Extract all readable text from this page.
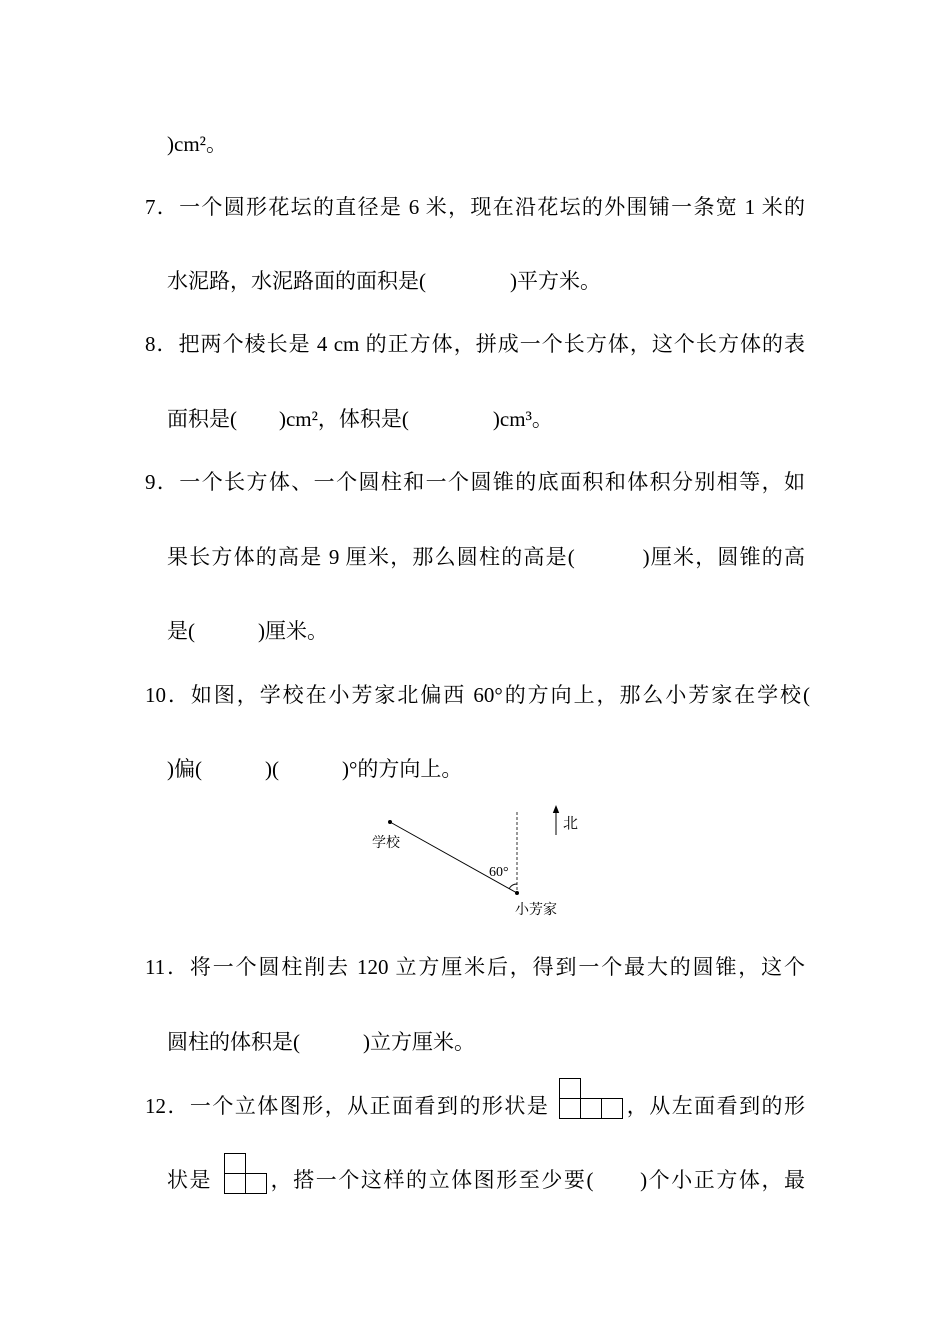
)cm²。
7．一个圆形花坛的直径是 6 米，现在沿花坛的外围铺一条宽 1 米的
水泥路，水泥路面的面积是(　　　　)平方米。
8．把两个棱长是 4 cm 的正方体，拼成一个长方体，这个长方体的表
面积是(　　)cm²，体积是(　　　　)cm³。
9．一个长方体、一个圆柱和一个圆锥的底面积和体积分别相等，如
果长方体的高是 9 厘米，那么圆柱的高是(　　　)厘米，圆锥的高
是(　　　)厘米。
10．如图，学校在小芳家北偏西 60°的方向上，那么小芳家在学校(
)偏(　　　)(　　　)°的方向上。
北
学校
60°
小芳家
11．将一个圆柱削去 120 立方厘米后，得到一个最大的圆锥，这个
圆柱的体积是(　　　)立方厘米。
12．一个立体图形，从正面看到的形状是	，从左面看到的形
状是	，搭一个这样的立体图形至少要(　　)个小正方体，最
